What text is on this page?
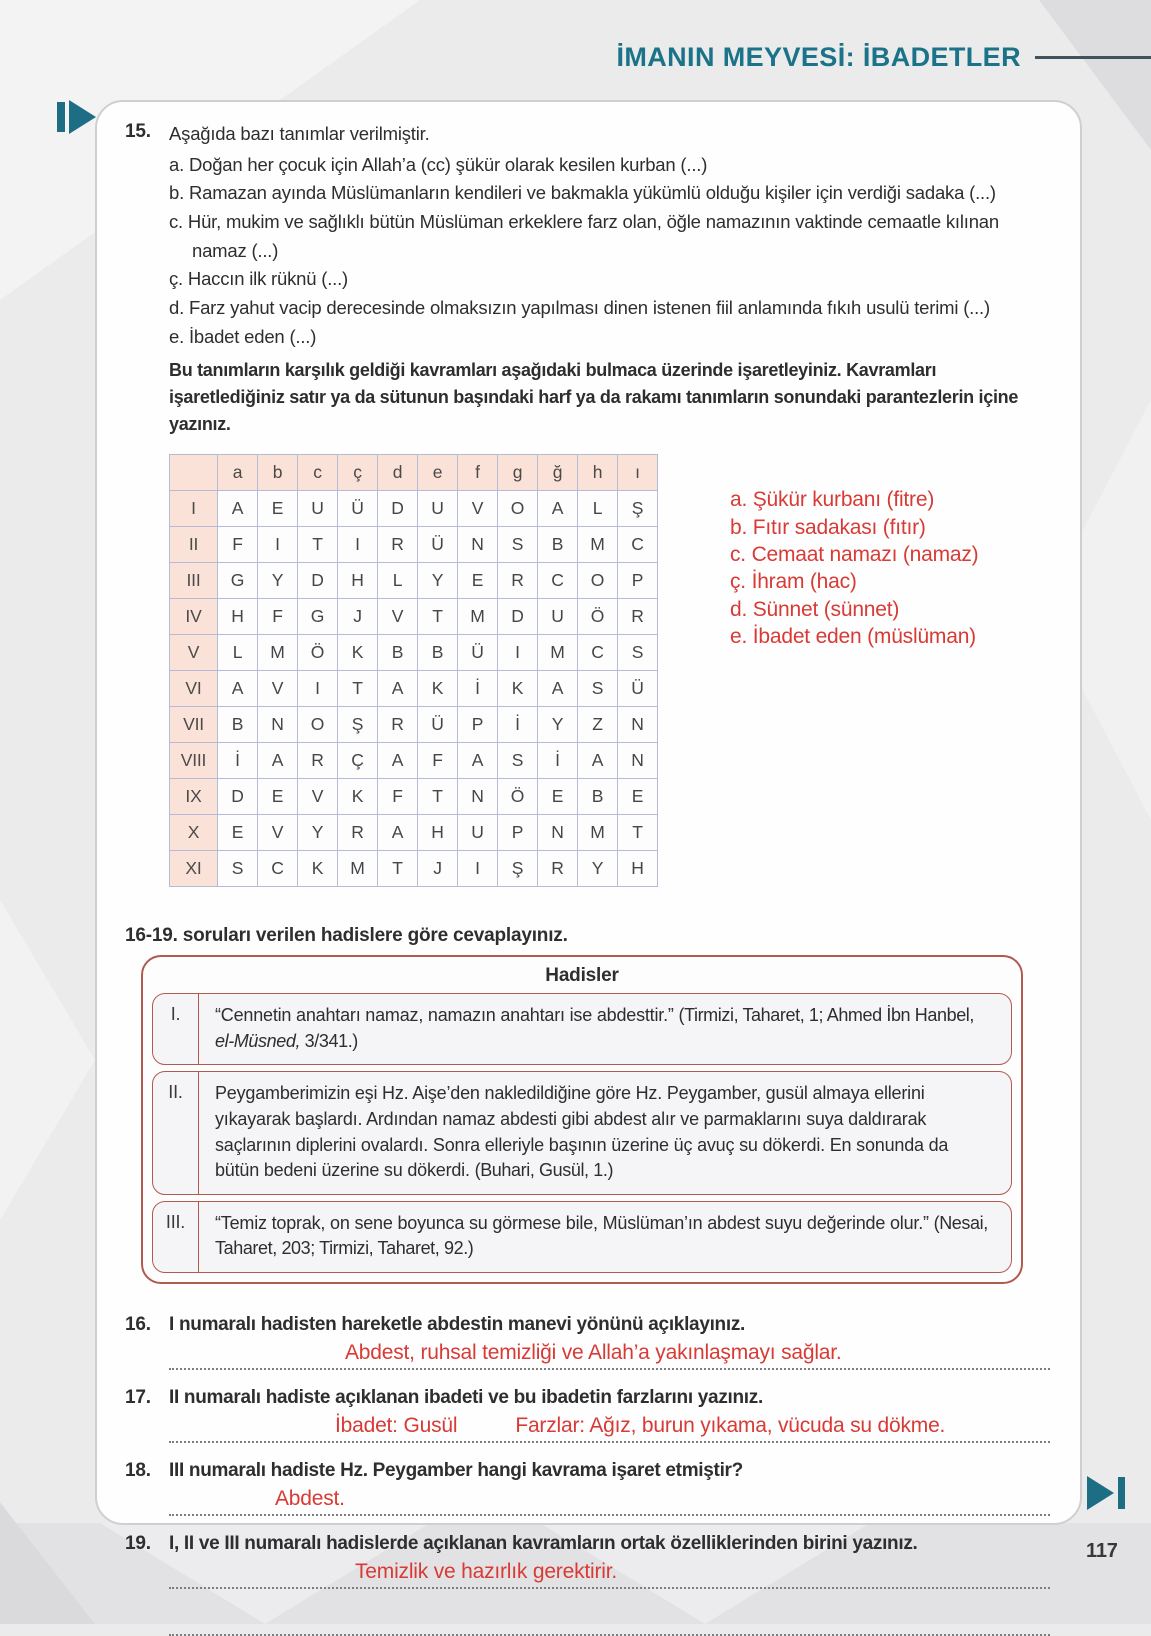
İMANIN MEYVESİ: İBADETLER
15. Aşağıda bazı tanımlar verilmiştir.
a. Doğan her çocuk için Allah’a (cc) şükür olarak kesilen kurban (...)
b. Ramazan ayında Müslümanların kendileri ve bakmakla yükümlü olduğu kişiler için verdiği sadaka (...)
c. Hür, mukim ve sağlıklı bütün Müslüman erkeklere farz olan, öğle namazının vaktinde cemaatle kılınan namaz (...)
ç. Haccın ilk rüknü (...)
d. Farz yahut vacip derecesinde olmaksızın yapılması dinen istenen fiil anlamında fıkıh usulü terimi (...)
e. İbadet eden (...)
Bu tanımların karşılık geldiği kavramları aşağıdaki bulmaca üzerinde işaretleyiniz. Kavramları işaretlediğiniz satır ya da sütunun başındaki harf ya da rakamı tanımların sonundaki parantezlerin içine yazınız.
	a	b	c	ç	d	e	f	g	ğ	h	ı
I	A	E	U	Ü	D	U	V	O	A	L	Ş
II	F	I	T	I	R	Ü	N	S	B	M	C
III	G	Y	D	H	L	Y	E	R	C	O	P
IV	H	F	G	J	V	T	M	D	U	Ö	R
V	L	M	Ö	K	B	B	Ü	I	M	C	S
VI	A	V	I	T	A	K	İ	K	A	S	Ü
VII	B	N	O	Ş	R	Ü	P	İ	Y	Z	N
VIII	İ	A	R	Ç	A	F	A	S	İ	A	N
IX	D	E	V	K	F	T	N	Ö	E	B	E
X	E	V	Y	R	A	H	U	P	N	M	T
XI	S	C	K	M	T	J	I	Ş	R	Y	H
a. Şükür kurbanı (fitre)
b. Fıtır sadakası (fıtır)
c. Cemaat namazı (namaz)
ç. İhram (hac)
d. Sünnet (sünnet)
e. İbadet eden (müslüman)
16-19. soruları verilen hadislere göre cevaplayınız.
Hadisler
I.	“Cennetin anahtarı namaz, namazın anahtarı ise abdesttir.” (Tirmizi, Taharet, 1; Ahmed İbn Hanbel, el-Müsned, 3/341.)
II.	Peygamberimizin eşi Hz. Aişe’den nakledildiğine göre Hz. Peygamber, gusül almaya ellerini yıkayarak başlardı. Ardından namaz abdesti gibi abdest alır ve parmaklarını suya daldırarak saçlarının diplerini ovalardı. Sonra elleriyle başının üzerine üç avuç su dökerdi. En sonunda da bütün bedeni üzerine su dökerdi. (Buhari, Gusül, 1.)
III.	“Temiz toprak, on sene boyunca su görmese bile, Müslüman’ın abdest suyu değerinde olur.” (Nesai, Taharet, 203; Tirmizi, Taharet, 92.)
16. I numaralı hadisten hareketle abdestin manevi yönünü açıklayınız.
Abdest, ruhsal temizliği ve Allah’a yakınlaşmayı sağlar.
17. II numaralı hadiste açıklanan ibadeti ve bu ibadetin farzlarını yazınız.
İbadet: Gusül	Farzlar: Ağız, burun yıkama, vücuda su dökme.
18. III numaralı hadiste Hz. Peygamber hangi kavrama işaret etmiştir?
Abdest.
19. I, II ve III numaralı hadislerde açıklanan kavramların ortak özelliklerinden birini yazınız.
Temizlik ve hazırlık gerektirir.
117
